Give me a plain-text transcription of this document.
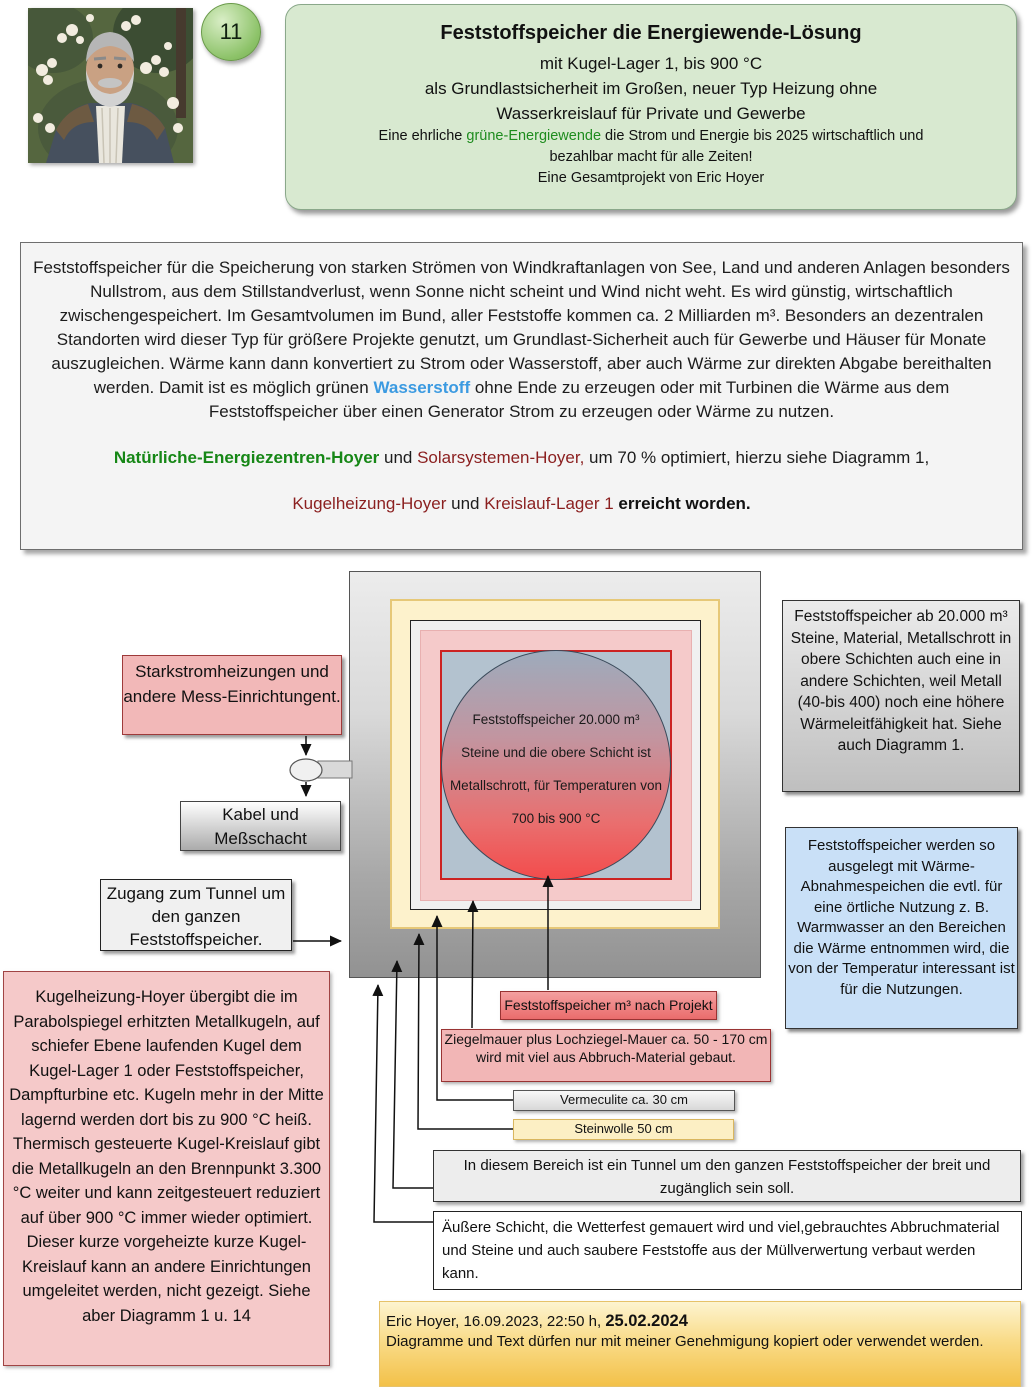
11	Feststoffspeicher die Energiewende-Lösung
mit Kugel-Lager 1, bis 900 °C
als Grundlastsicherheit im Großen, neuer Typ Heizung ohne
Wasserkreislauf für Private und Gewerbe
Eine ehrliche grüne-Energiewende die Strom und Energie bis 2025 wirtschaftlich und
bezahlbar macht für alle Zeiten!
Eine Gesamtprojekt von Eric Hoyer

Feststoffspeicher für die Speicherung von starken Strömen von Windkraftanlagen von See, Land und anderen Anlagen besonders Nullstrom, aus dem Stillstandverlust, wenn Sonne nicht scheint und Wind nicht weht. Es wird günstig, wirtschaftlich zwischengespeichert. Im Gesamtvolumen im Bund, aller Feststoffe kommen ca. 2 Milliarden m³. Besonders an dezentralen Standorten wird dieser Typ für größere Projekte genutzt, um Grundlast-Sicherheit auch für Gewerbe und Häuser für Monate auszugleichen. Wärme kann dann konvertiert zu Strom oder Wasserstoff, aber auch Wärme zur direkten Abgabe bereithalten werden. Damit ist es möglich grünen Wasserstoff ohne Ende zu erzeugen oder mit Turbinen die Wärme aus dem Feststoffspeicher über einen Generator Strom zu erzeugen oder Wärme zu nutzen.

Natürliche-Energiezentren-Hoyer und Solarsystemen-Hoyer, um 70 % optimiert, hierzu siehe Diagramm 1,

Kugelheizung-Hoyer und Kreislauf-Lager 1 erreicht worden.

Feststoffspeicher 20.000 m³
Steine und die obere Schicht ist
Metallschrott, für Temperaturen von
700 bis 900 °C
Starkstromheizungen und andere Mess-Einrichtungent.
Kabel und Meßschacht
Zugang zum Tunnel um den ganzen Feststoffspeicher.
Feststoffspeicher ab 20.000 m³ Steine, Material, Metallschrott in obere Schichten auch eine in andere Schichten, weil Metall (40-bis 400) noch eine höhere Wärmeleitfähigkeit hat. Siehe auch Diagramm 1.
Feststoffspeicher werden so ausgelegt mit Wärme-Abnahmespeichen die evtl. für eine örtliche Nutzung z. B. Warmwasser an den Bereichen die Wärme entnommen wird, die von der Temperatur interessant ist für die Nutzungen.
Kugelheizung-Hoyer übergibt die im Parabolspiegel erhitzten Metallkugeln, auf schiefer Ebene laufenden Kugel dem Kugel-Lager 1 oder Feststoffspeicher, Dampfturbine etc. Kugeln mehr in der Mitte lagernd werden dort bis zu 900 °C heiß. Thermisch gesteuerte Kugel-Kreislauf gibt die Metallkugeln an den Brennpunkt 3.300 °C weiter und kann zeitgesteuert reduziert auf über 900 °C immer wieder optimiert. Dieser kurze vorgeheizte kurze Kugel-Kreislauf kann an andere Einrichtungen umgeleitet werden, nicht gezeigt. Siehe aber Diagramm 1 u. 14
Feststoffspeicher m³ nach Projekt
Ziegelmauer plus Lochziegel-Mauer ca. 50 - 170 cm wird mit viel aus Abbruch-Material gebaut.
Vermeculite ca. 30 cm
Steinwolle 50 cm
In diesem Bereich ist ein Tunnel um den ganzen Feststoffspeicher der breit und zugänglich sein soll.
Äußere Schicht, die Wetterfest gemauert wird und viel,gebrauchtes Abbruchmaterial und Steine und auch saubere Feststoffe aus der Müllverwertung verbaut werden kann.
Eric Hoyer, 16.09.2023, 22:50 h, 25.02.2024
Diagramme und Text dürfen nur mit meiner Genehmigung kopiert oder verwendet werden.
